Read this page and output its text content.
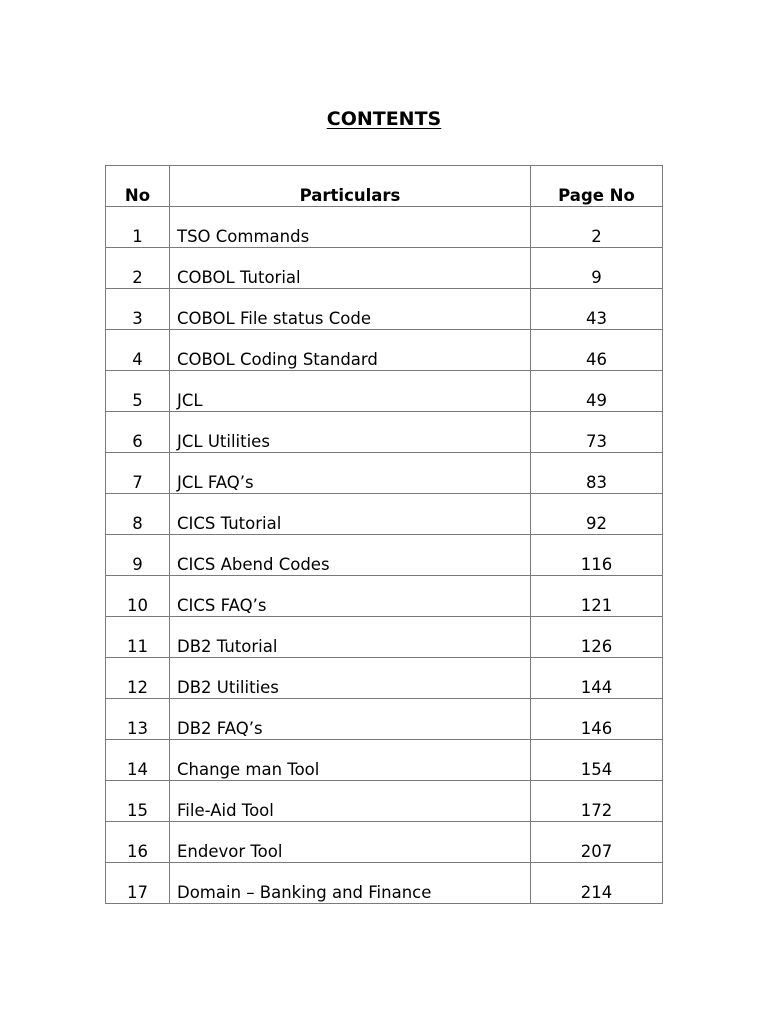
CONTENTS
No	Particulars	Page No
1	TSO Commands	2
2	COBOL Tutorial	9
3	COBOL File status Code	43
4	COBOL Coding Standard	46
5	JCL	49
6	JCL Utilities	73
7	JCL FAQ’s	83
8	CICS Tutorial	92
9	CICS Abend Codes	116
10	CICS FAQ’s	121
11	DB2 Tutorial	126
12	DB2 Utilities	144
13	DB2 FAQ’s	146
14	Change man Tool	154
15	File-Aid Tool	172
16	Endevor Tool	207
17	Domain – Banking and Finance	214
